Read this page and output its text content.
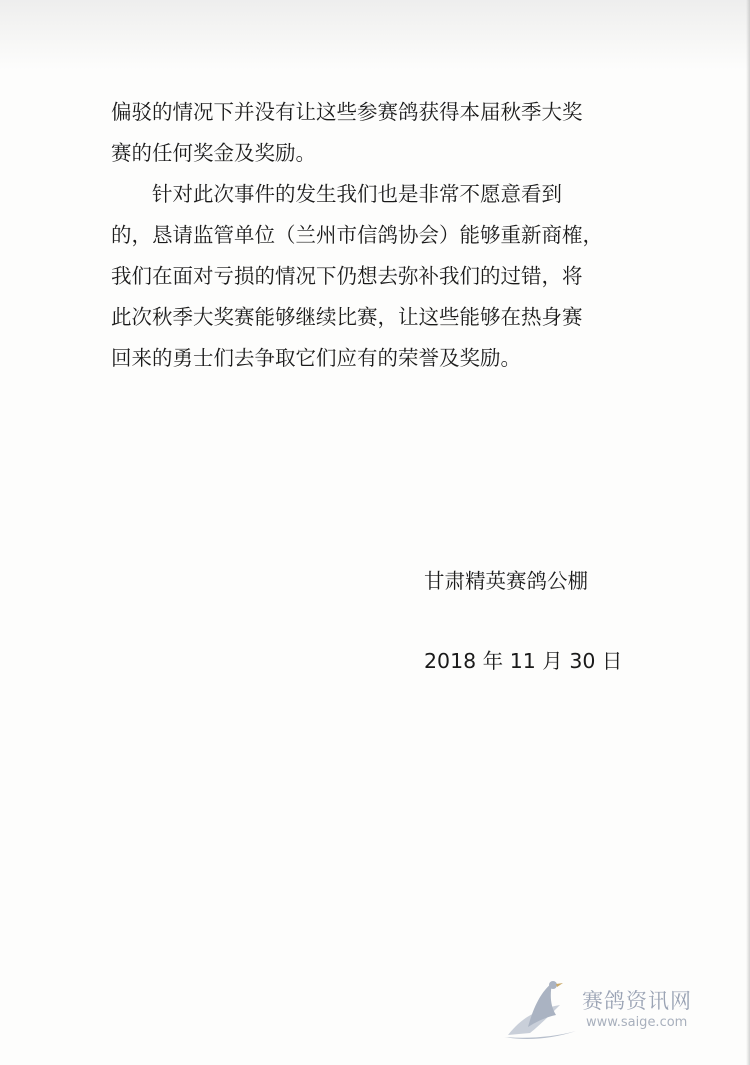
偏驳的情况下并没有让这些参赛鸽获得本届秋季大奖
赛的任何奖金及奖励。
针对此次事件的发生我们也是非常不愿意看到
的，恳请监管单位（兰州市信鸽协会）能够重新商榷，
我们在面对亏损的情况下仍想去弥补我们的过错，将
此次秋季大奖赛能够继续比赛，让这些能够在热身赛
回来的勇士们去争取它们应有的荣誉及奖励。
甘肃精英赛鸽公棚
2018 年 11 月 30 日
赛鸽资讯网
www.saige.com
